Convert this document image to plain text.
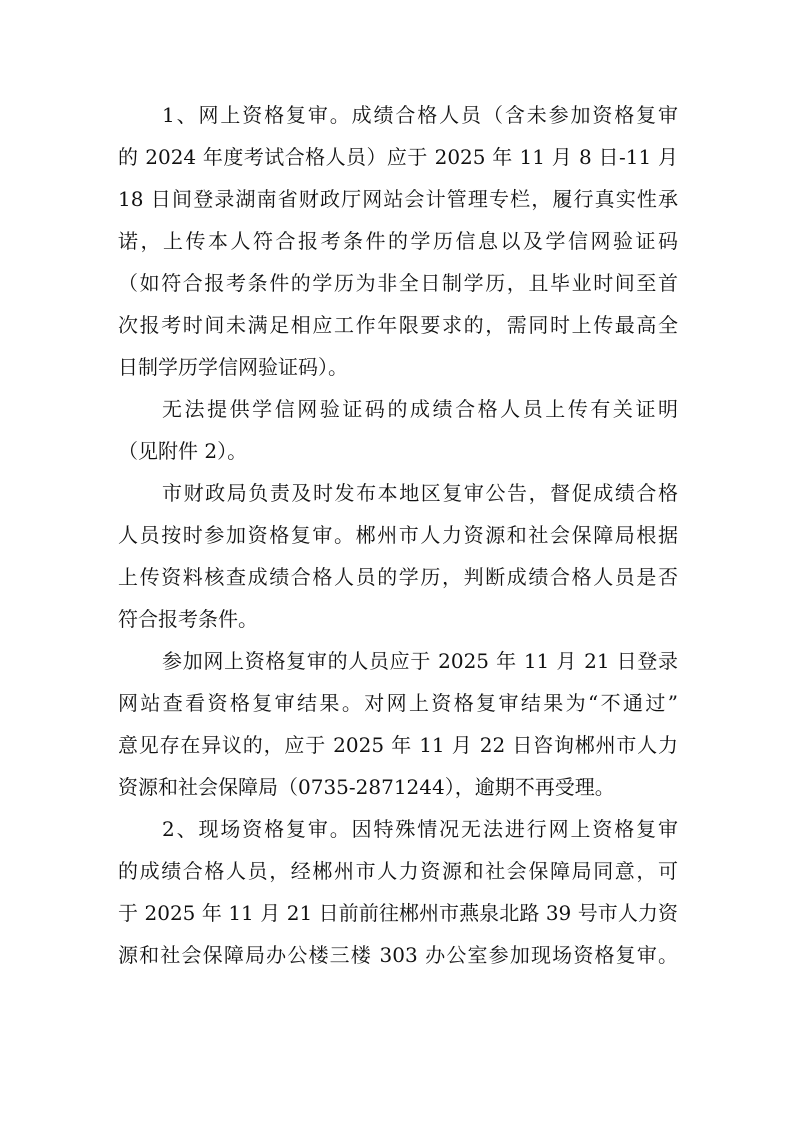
1、网上资格复审。成绩合格人员（含未参加资格复审
的 2024 年度考试合格人员）应于 2025 年 11 月 8 日-11 月
18 日间登录湖南省财政厅网站会计管理专栏，履行真实性承
诺，上传本人符合报考条件的学历信息以及学信网验证码
（如符合报考条件的学历为非全日制学历，且毕业时间至首
次报考时间未满足相应工作年限要求的，需同时上传最高全
日制学历学信网验证码）。
无法提供学信网验证码的成绩合格人员上传有关证明
（见附件 2）。
市财政局负责及时发布本地区复审公告，督促成绩合格
人员按时参加资格复审。郴州市人力资源和社会保障局根据
上传资料核查成绩合格人员的学历，判断成绩合格人员是否
符合报考条件。
参加网上资格复审的人员应于 2025 年 11 月 21 日登录
网站查看资格复审结果。对网上资格复审结果为“不通过”
意见存在异议的，应于 2025 年 11 月 22 日咨询郴州市人力
资源和社会保障局（0735-2871244），逾期不再受理。
2、现场资格复审。因特殊情况无法进行网上资格复审
的成绩合格人员，经郴州市人力资源和社会保障局同意，可
于 2025 年 11 月 21 日前前往郴州市燕泉北路 39 号市人力资
源和社会保障局办公楼三楼 303 办公室参加现场资格复审。
